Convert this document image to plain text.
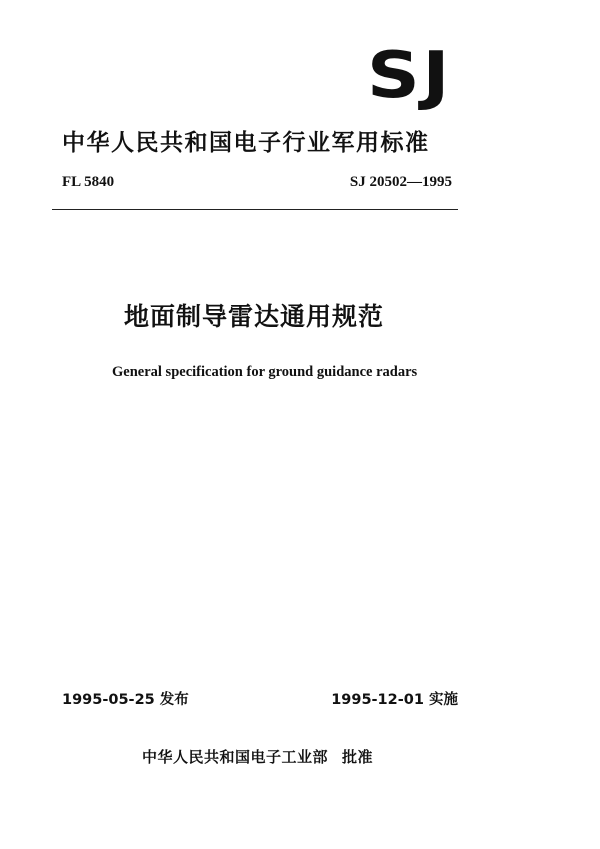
SJ
中华人民共和国电子行业军用标准
FL 5840	SJ 20502—1995
地面制导雷达通用规范
General specification for ground guidance radars
1995-05-25 发布	1995-12-01 实施
中华人民共和国电子工业部 批准
